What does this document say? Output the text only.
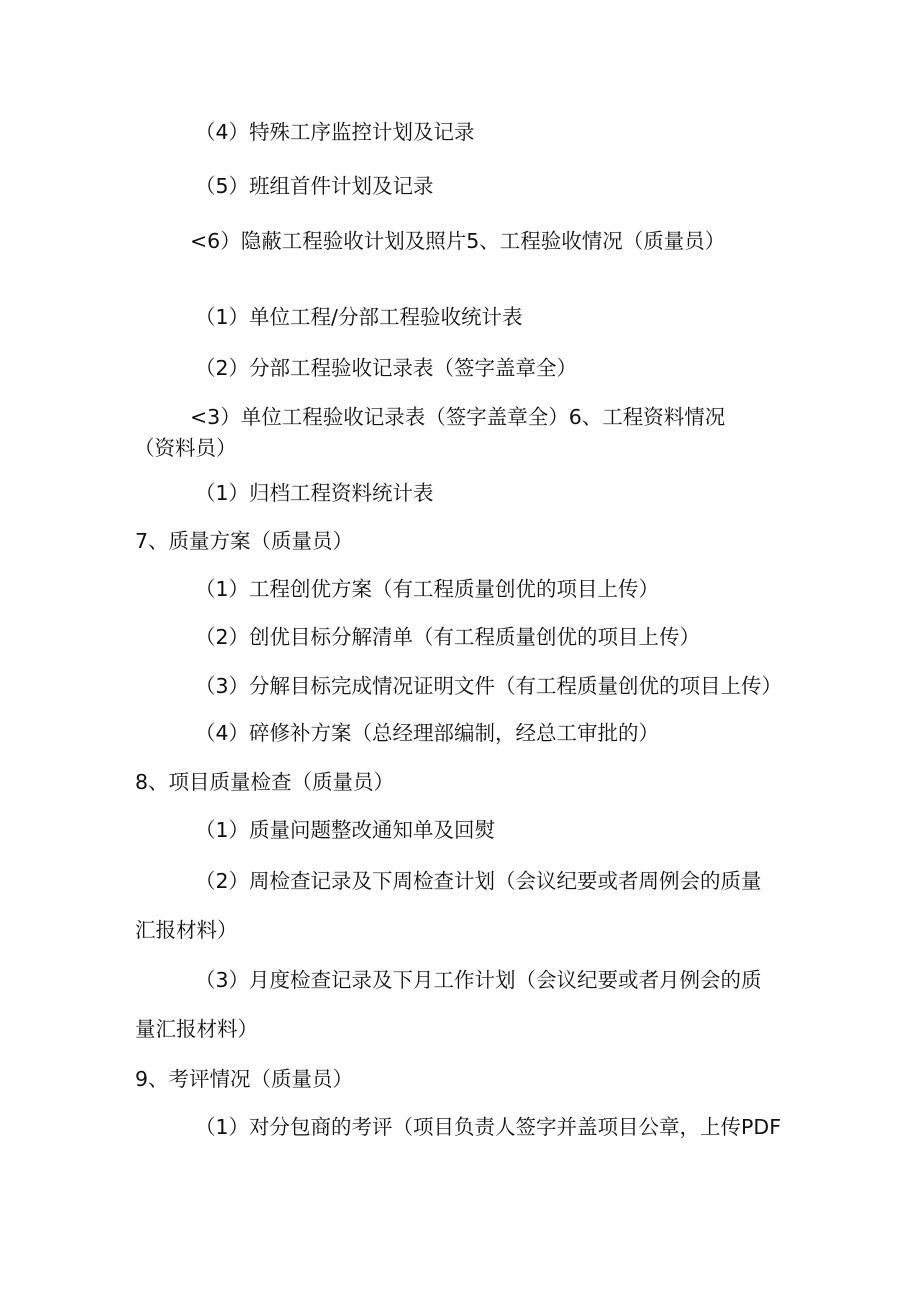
（4）特殊工序监控计划及记录
（5）班组首件计划及记录
<6）隐蔽工程验收计划及照片5、工程验收情况（质量员）
（1）单位工程/分部工程验收统计表
（2）分部工程验收记录表（签字盖章全）
<3）单位工程验收记录表（签字盖章全）6、工程资料情况
（资料员）
（1）归档工程资料统计表
7、质量方案（质量员）
（1）工程创优方案（有工程质量创优的项目上传）
（2）创优目标分解清单（有工程质量创优的项目上传）
（3）分解目标完成情况证明文件（有工程质量创优的项目上传）
（4）碎修补方案（总经理部编制，经总工审批的）
8、项目质量检查（质量员）
（1）质量问题整改通知单及回熨
（2）周检查记录及下周检查计划（会议纪要或者周例会的质量
汇报材料）
（3）月度检查记录及下月工作计划（会议纪要或者月例会的质
量汇报材料）
9、考评情况（质量员）
（1）对分包商的考评（项目负责人签字并盖项目公章，上传PDF
